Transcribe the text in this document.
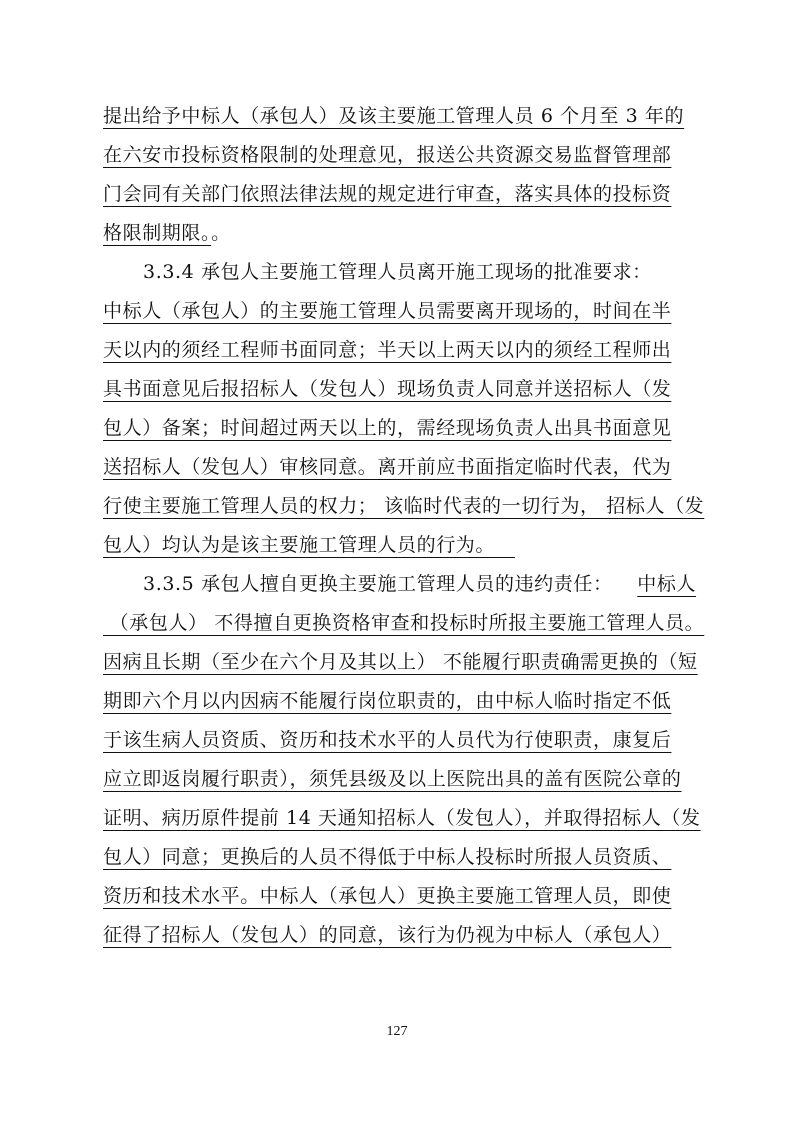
提出给予中标人（承包人）及该主要施工管理人员 6 个月至 3 年的
在六安市投标资格限制的处理意见，报送公共资源交易监督管理部
门会同有关部门依照法律法规的规定进行审查，落实具体的投标资
格限制期限。。
3.3.4 承包人主要施工管理人员离开施工现场的批准要求：
中标人（承包人）的主要施工管理人员需要离开现场的，时间在半
天以内的须经工程师书面同意；半天以上两天以内的须经工程师出
具书面意见后报招标人（发包人）现场负责人同意并送招标人（发
包人）备案；时间超过两天以上的，需经现场负责人出具书面意见
送招标人（发包人）审核同意。离开前应书面指定临时代表，代为
行使主要施工管理人员的权力； 该临时代表的一切行为， 招标人（发
包人）均认为是该主要施工管理人员的行为。
3.3.5 承包人擅自更换主要施工管理人员的违约责任： 中标人
（承包人） 不得擅自更换资格审查和投标时所报主要施工管理人员。
因病且长期（至少在六个月及其以上） 不能履行职责确需更换的（短
期即六个月以内因病不能履行岗位职责的，由中标人临时指定不低
于该生病人员资质、资历和技术水平的人员代为行使职责，康复后
应立即返岗履行职责），须凭县级及以上医院出具的盖有医院公章的
证明、病历原件提前 14 天通知招标人（发包人），并取得招标人（发
包人）同意；更换后的人员不得低于中标人投标时所报人员资质、
资历和技术水平。中标人（承包人）更换主要施工管理人员，即使
征得了招标人（发包人）的同意，该行为仍视为中标人（承包人）
127
